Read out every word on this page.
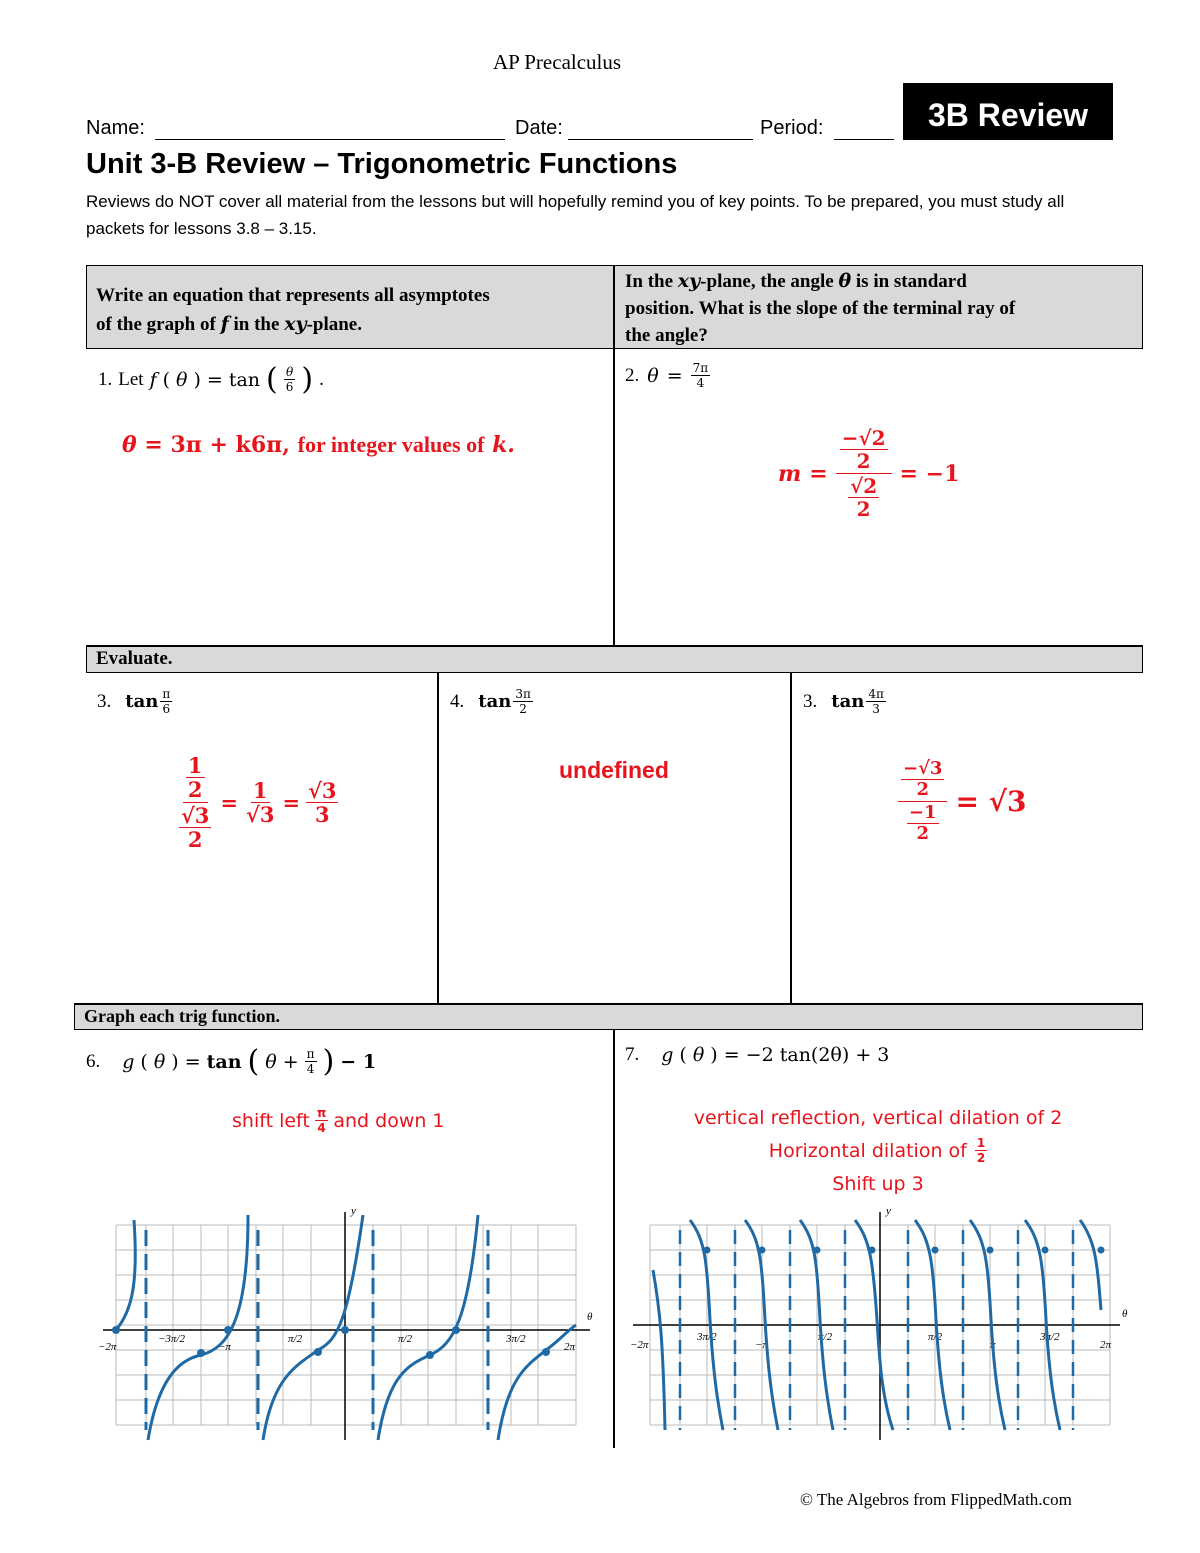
AP Precalculus
Name:	Date:	Period:	3B Review
Unit 3-B Review – Trigonometric Functions
Reviews do NOT cover all material from the lessons but will hopefully remind you of key points. To be prepared, you must study all packets for lessons 3.8 – 3.15.
Write an equation that represents all asymptotes
of the graph of f in the xy-plane.
In the xy-plane, the angle θ is in standard
position. What is the slope of the terminal ray of
the angle?
1. Let f ( θ ) = tan ( $\frac{\theta}{6}$ ) .
θ = 3π + k6π, for integer values of k.
2. $\theta = \frac{7\pi}{4}$
$m = \frac{\frac{-√2}{2}}{\frac{√2}{2}} = -1$
Evaluate.
3. $\tan \frac{\pi}{6}$
$\frac{\frac{1}{2}}{\frac{√3}{2}} = \frac{1}{√3} = \frac{√3}{3}$
4. $\tan \frac{3\pi}{2}$
undefined
3. $\tan \frac{4\pi}{3}$
$\frac{\frac{-√3}{2}}{\frac{-1}{2}} = √3$
Graph each trig function.
6. g ( θ ) = tan ( $\theta + \frac{\pi}{4}$ ) − 1
shift left $\frac{\pi}{4}$ and down 1
7. g ( θ ) = −2 tan(2θ) + 3
vertical reflection, vertical dilation of 2
Horizontal dilation of $\frac{1}{2}$
Shift up 3
y
θ
−2π
−3π/2
−π
π/2	π/2	3π/2
2π
y
θ
−2π
3π/2
−π
π/2	π/2
π
3π/2
2π
© The Algebros from FlippedMath.com
